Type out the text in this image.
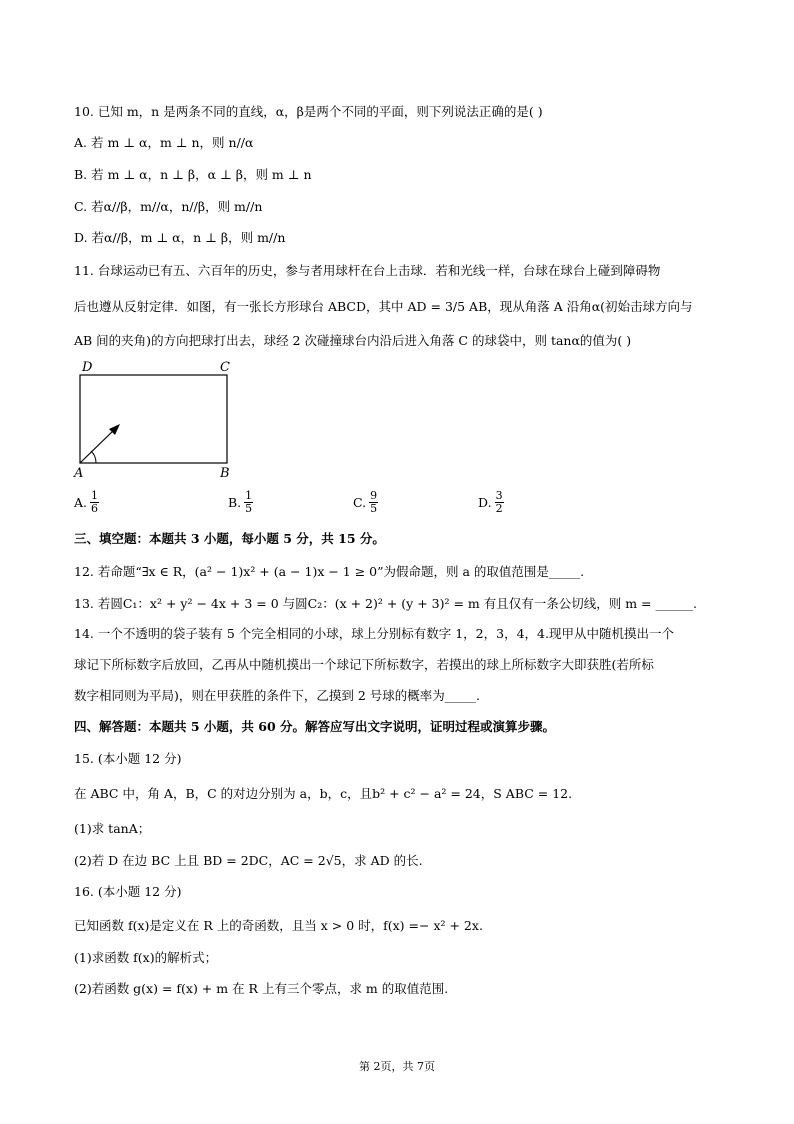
10. 已知 m，n 是两条不同的直线，α，β是两个不同的平面，则下列说法正确的是( )
A. 若 m ⊥ α，m ⊥ n，则 n//α
B. 若 m ⊥ α，n ⊥ β，α ⊥ β，则 m ⊥ n
C. 若α//β，m//α，n//β，则 m//n
D. 若α//β，m ⊥ α，n ⊥ β，则 m//n
11. 台球运动已有五、六百年的历史，参与者用球杆在台上击球．若和光线一样，台球在球台上碰到障碍物
后也遵从反射定律．如图，有一张长方形球台 ABCD，其中 AD = 3/5 AB，现从角落 A 沿角α(初始击球方向与
AB 间的夹角)的方向把球打出去，球经 2 次碰撞球台内沿后进入角落 C 的球袋中，则 tanα的值为( )
D	C
A	B
A. $\frac{1}{6}$	B. $\frac{1}{5}$	C. $\frac{9}{5}$	D. $\frac{3}{2}$
三、填空题：本题共 3 小题，每小题 5 分，共 15 分。
12. 若命题“∃x ∈ R，(a² − 1)x² + (a − 1)x − 1 ≥ 0”为假命题，则 a 的取值范围是_____.
13. 若圆C₁：x² + y² − 4x + 3 = 0 与圆C₂：(x + 2)² + (y + 3)² = m 有且仅有一条公切线，则 m = ______.
14. 一个不透明的袋子装有 5 个完全相同的小球，球上分别标有数字 1，2，3，4，4.现甲从中随机摸出一个
球记下所标数字后放回，乙再从中随机摸出一个球记下所标数字，若摸出的球上所标数字大即获胜(若所标
数字相同则为平局)，则在甲获胜的条件下，乙摸到 2 号球的概率为_____.
四、解答题：本题共 5 小题，共 60 分。解答应写出文字说明，证明过程或演算步骤。
15. (本小题 12 分)
在 ABC 中，角 A，B，C 的对边分别为 a，b，c，且b² + c² − a² = 24，S ABC = 12.
(1)求 tanA；
(2)若 D 在边 BC 上且 BD = 2DC，AC = 2√5，求 AD 的长.
16. (本小题 12 分)
已知函数 f(x)是定义在 R 上的奇函数，且当 x > 0 时，f(x) =− x² + 2x.
(1)求函数 f(x)的解析式；
(2)若函数 g(x) = f(x) + m 在 R 上有三个零点，求 m 的取值范围.
第 2页，共 7页
